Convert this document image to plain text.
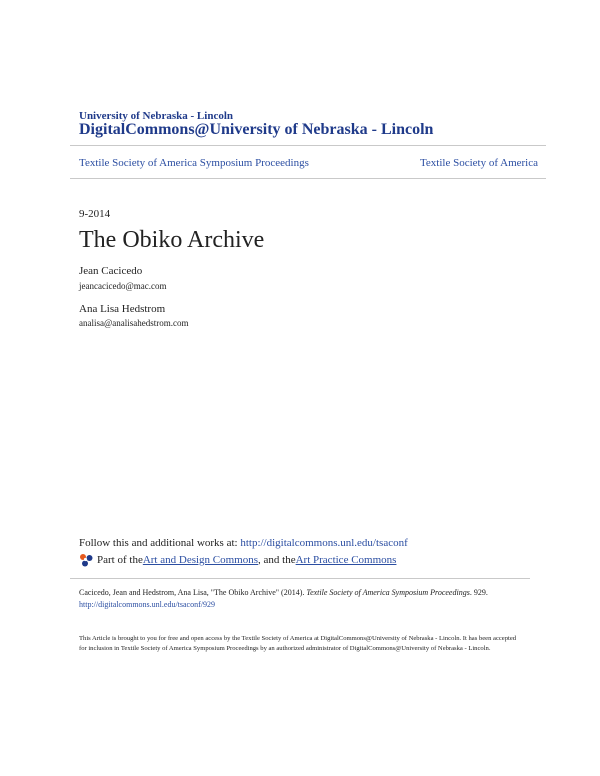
University of Nebraska - Lincoln
DigitalCommons@University of Nebraska - Lincoln
Textile Society of America Symposium Proceedings	Textile Society of America
9-2014
The Obiko Archive
Jean Cacicedo
jeancacicedo@mac.com
Ana Lisa Hedstrom
analisa@analisahedstrom.com
Follow this and additional works at: http://digitalcommons.unl.edu/tsaconf
Part of the Art and Design Commons , and the Art Practice Commons
Cacicedo, Jean and Hedstrom, Ana Lisa, "The Obiko Archive" (2014). Textile Society of America Symposium Proceedings. 929.
http://digitalcommons.unl.edu/tsaconf/929
This Article is brought to you for free and open access by the Textile Society of America at DigitalCommons@University of Nebraska - Lincoln. It has been accepted for inclusion in Textile Society of America Symposium Proceedings by an authorized administrator of DigitalCommons@University of Nebraska - Lincoln.
